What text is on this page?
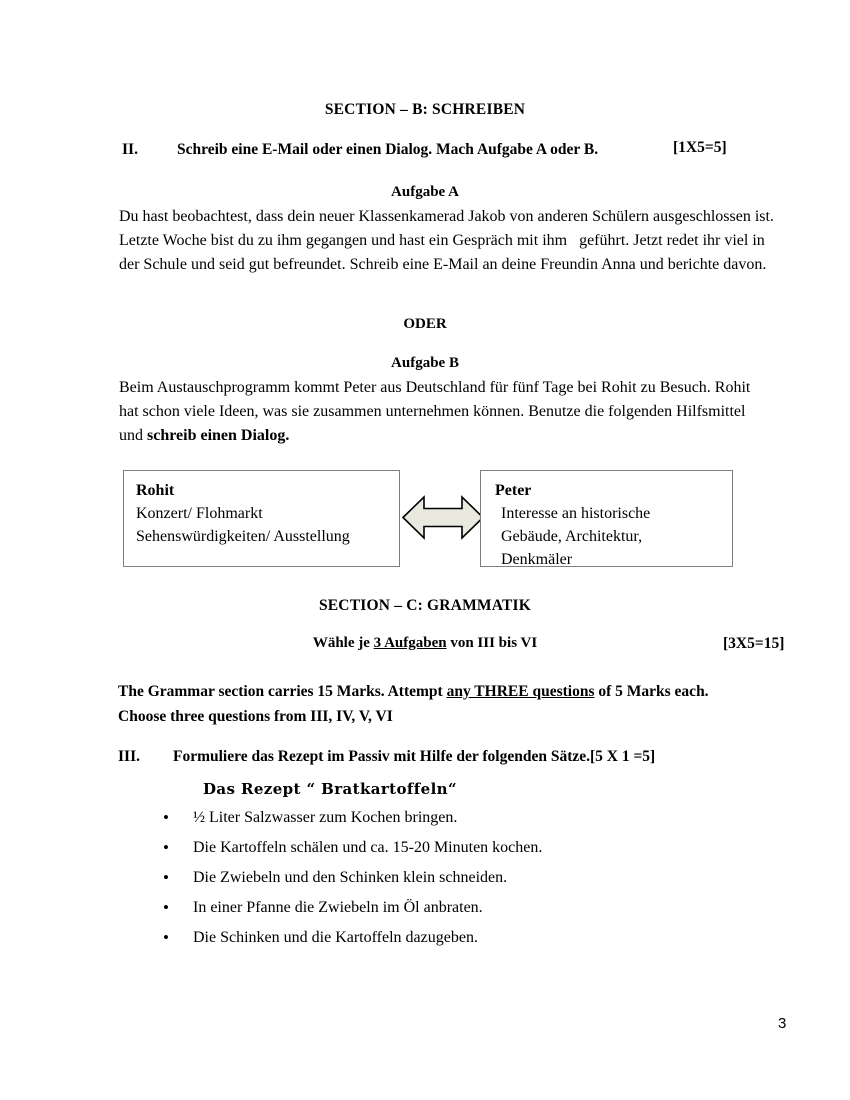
SECTION – B: SCHREIBEN
II.	Schreib eine E-Mail oder einen Dialog. Mach Aufgabe A oder B.	[1X5=5]
Aufgabe A
Du hast beobachtest, dass dein neuer Klassenkamerad Jakob von anderen Schülern ausgeschlossen ist. Letzte Woche bist du zu ihm gegangen und hast ein Gespräch mit ihm   geführt. Jetzt redet ihr viel in der Schule und seid gut befreundet. Schreib eine E-Mail an deine Freundin Anna und berichte davon.
ODER
Aufgabe B
Beim Austauschprogramm kommt Peter aus Deutschland für fünf Tage bei Rohit zu Besuch. Rohit hat schon viele Ideen, was sie zusammen unternehmen können. Benutze die folgenden Hilfsmittel und schreib einen Dialog.
Rohit
Konzert/ Flohmarkt
Sehenswürdigkeiten/ Ausstellung
Peter
Interesse an historische
Gebäude, Architektur,
Denkmäler
SECTION – C: GRAMMATIK
Wähle je 3 Aufgaben von III bis VI	[3X5=15]
The Grammar section carries 15 Marks. Attempt any THREE questions of 5 Marks each.
Choose three questions from III, IV, V, VI
III. Formuliere das Rezept im Passiv mit Hilfe der folgenden Sätze.[5 X 1 =5]
Das Rezept “ Bratkartoffeln“
• ½ Liter Salzwasser zum Kochen bringen.
• Die Kartoffeln schälen und ca. 15-20 Minuten kochen.
• Die Zwiebeln und den Schinken klein schneiden.
• In einer Pfanne die Zwiebeln im Öl anbraten.
• Die Schinken und die Kartoffeln dazugeben.
3
